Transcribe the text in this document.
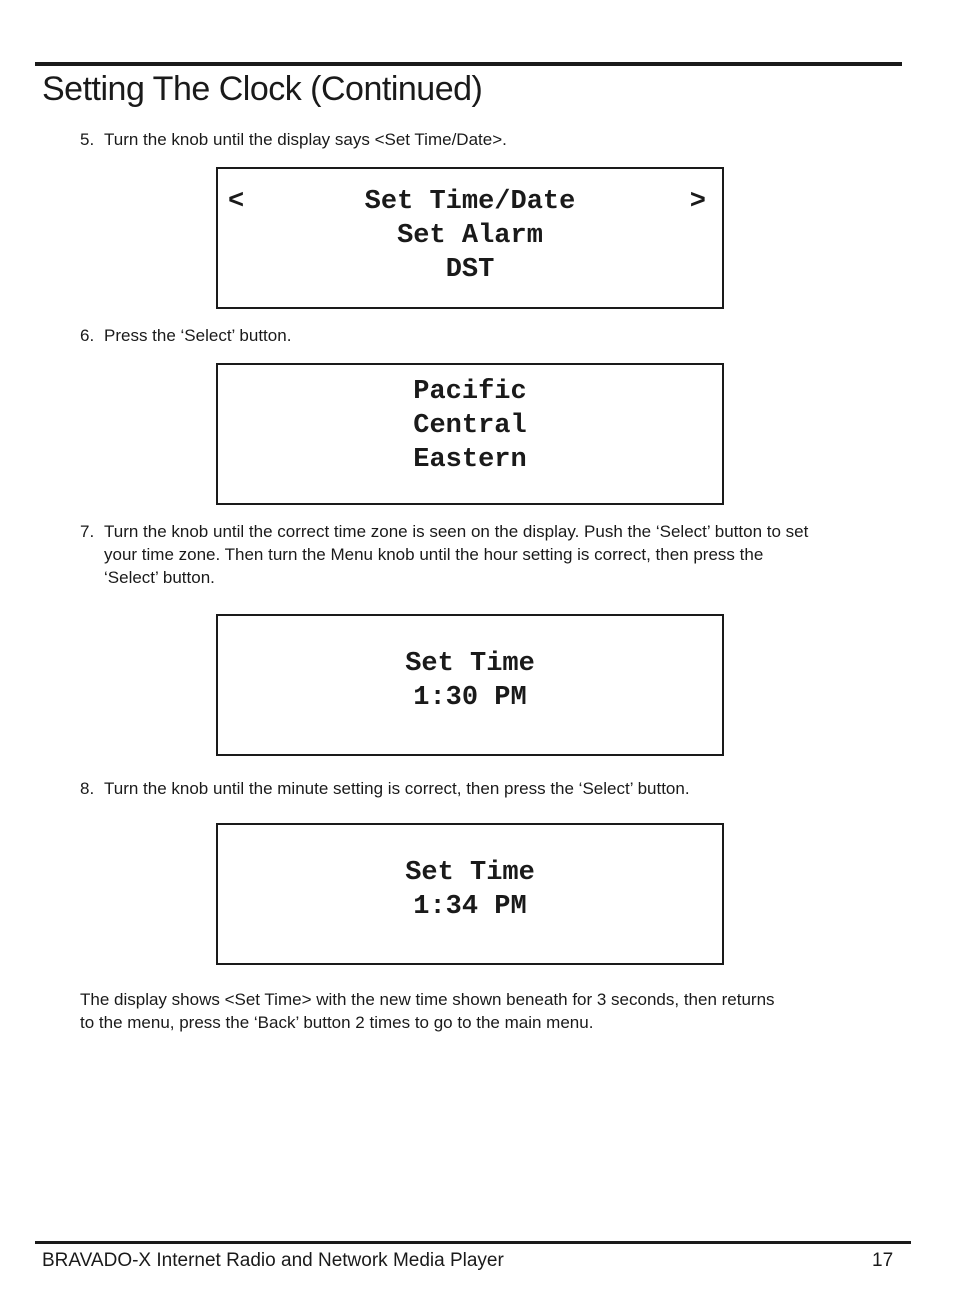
Setting The Clock (Continued)
5. Turn the knob until the display says <Set Time/Date>.
<	>
Set Time/Date
Set Alarm
DST
6. Press the ‘Select’ button.
Pacific
Central
Eastern
7. Turn the knob until the correct time zone is seen on the display. Push the ‘Select’ button to set your time zone. Then turn the Menu knob until the hour setting is correct, then press the ‘Select’ button.
Set Time
1:30 PM
8. Turn the knob until the minute setting is correct, then press the ‘Select’ button.
Set Time
1:34 PM

The display shows <Set Time> with the new time shown beneath for 3 seconds, then returns to the menu, press the ‘Back’ button 2 times to go to the main menu.

BRAVADO-X Internet Radio and Network Media Player	17
